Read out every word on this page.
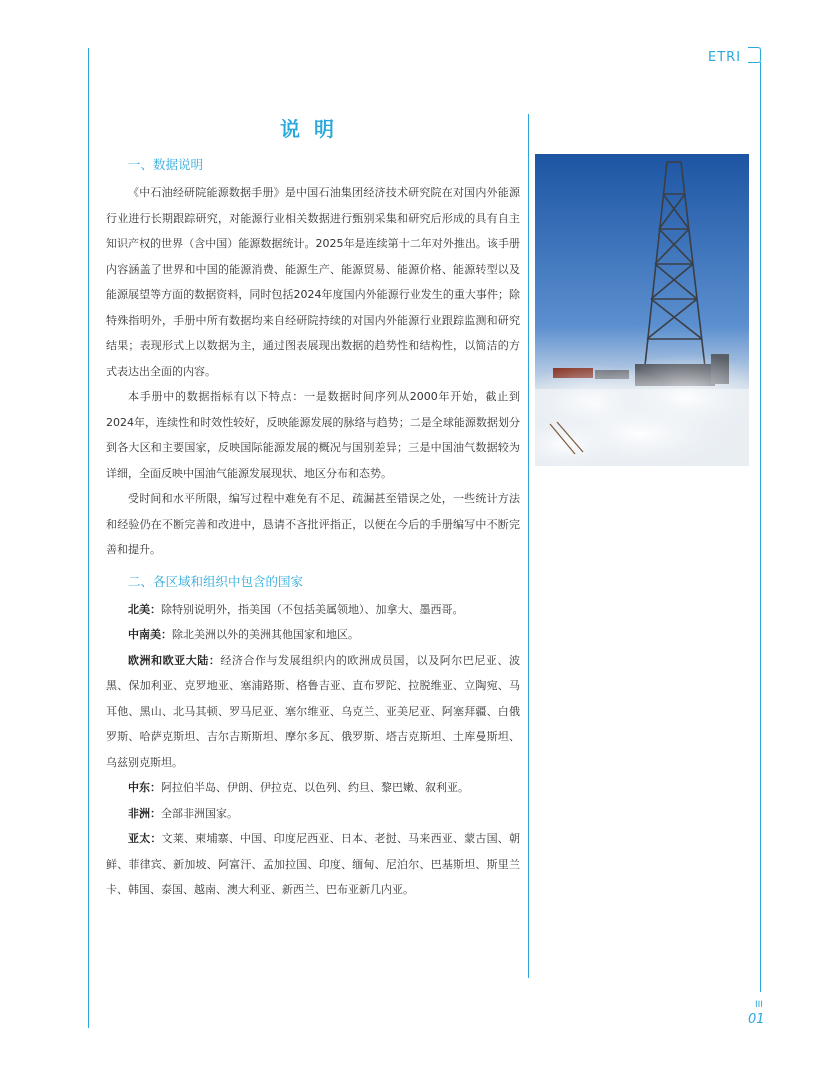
ETRI
说明
一、数据说明

《中石油经研院能源数据手册》是中国石油集团经济技术研究院在对国内外能源行业进行长期跟踪研究，对能源行业相关数据进行甄别采集和研究后形成的具有自主知识产权的世界（含中国）能源数据统计。2025年是连续第十二年对外推出。该手册内容涵盖了世界和中国的能源消费、能源生产、能源贸易、能源价格、能源转型以及能源展望等方面的数据资料，同时包括2024年度国内外能源行业发生的重大事件；除特殊指明外，手册中所有数据均来自经研院持续的对国内外能源行业跟踪监测和研究结果；表现形式上以数据为主，通过图表展现出数据的趋势性和结构性，以简洁的方式表达出全面的内容。

本手册中的数据指标有以下特点：一是数据时间序列从2000年开始，截止到2024年，连续性和时效性较好，反映能源发展的脉络与趋势；二是全球能源数据划分到各大区和主要国家，反映国际能源发展的概况与国别差异；三是中国油气数据较为详细，全面反映中国油气能源发展现状、地区分布和态势。

受时间和水平所限，编写过程中难免有不足、疏漏甚至错误之处，一些统计方法和经验仍在不断完善和改进中，恳请不吝批评指正，以便在今后的手册编写中不断完善和提升。

二、各区域和组织中包含的国家

北美：除特别说明外，指美国（不包括美属领地）、加拿大、墨西哥。

中南美：除北美洲以外的美洲其他国家和地区。

欧洲和欧亚大陆：经济合作与发展组织内的欧洲成员国，以及阿尔巴尼亚、波黑、保加利亚、克罗地亚、塞浦路斯、格鲁吉亚、直布罗陀、拉脱维亚、立陶宛、马耳他、黑山、北马其顿、罗马尼亚、塞尔维亚、乌克兰、亚美尼亚、阿塞拜疆、白俄罗斯、哈萨克斯坦、吉尔吉斯斯坦、摩尔多瓦、俄罗斯、塔吉克斯坦、土库曼斯坦、乌兹别克斯坦。

中东：阿拉伯半岛、伊朗、伊拉克、以色列、约旦、黎巴嫩、叙利亚。

非洲：全部非洲国家。

亚太：文莱、柬埔寨、中国、印度尼西亚、日本、老挝、马来西亚、蒙古国、朝鲜、菲律宾、新加坡、阿富汗、孟加拉国、印度、缅甸、尼泊尔、巴基斯坦、斯里兰卡、韩国、泰国、越南、澳大利亚、新西兰、巴布亚新几内亚。

III
01
